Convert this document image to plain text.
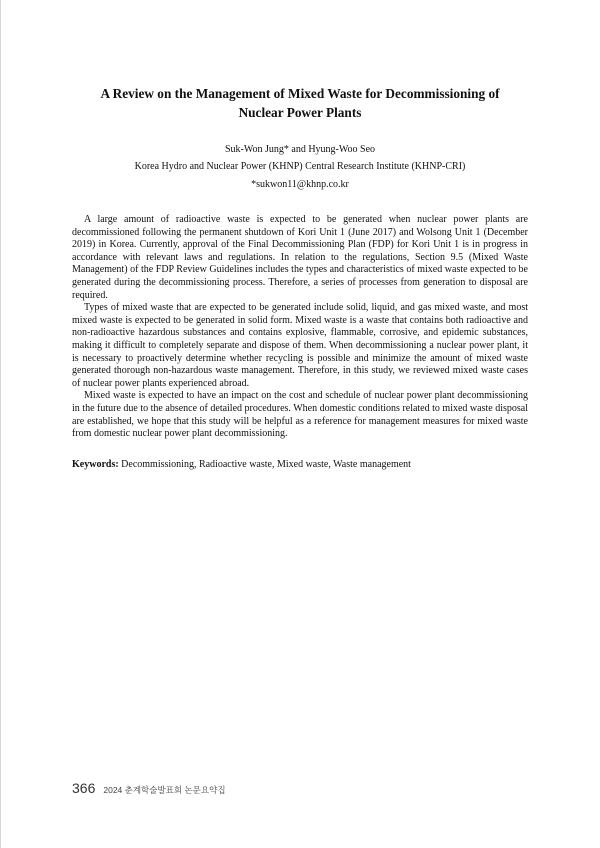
A Review on the Management of Mixed Waste for Decommissioning of Nuclear Power Plants
Suk-Won Jung* and Hyung-Woo Seo
Korea Hydro and Nuclear Power (KHNP) Central Research Institute (KHNP-CRI)
*sukwon11@khnp.co.kr

A large amount of radioactive waste is expected to be generated when nuclear power plants are decommissioned following the permanent shutdown of Kori Unit 1 (June 2017) and Wolsong Unit 1 (December 2019) in Korea. Currently, approval of the Final Decommissioning Plan (FDP) for Kori Unit 1 is in progress in accordance with relevant laws and regulations. In relation to the regulations, Section 9.5 (Mixed Waste Management) of the FDP Review Guidelines includes the types and characteristics of mixed waste expected to be generated during the decommissioning process. Therefore, a series of processes from generation to disposal are required.

Types of mixed waste that are expected to be generated include solid, liquid, and gas mixed waste, and most mixed waste is expected to be generated in solid form. Mixed waste is a waste that contains both radioactive and non-radioactive hazardous substances and contains explosive, flammable, corrosive, and epidemic substances, making it difficult to completely separate and dispose of them. When decommissioning a nuclear power plant, it is necessary to proactively determine whether recycling is possible and minimize the amount of mixed waste generated thorough non-hazardous waste management. Therefore, in this study, we reviewed mixed waste cases of nuclear power plants experienced abroad.

Mixed waste is expected to have an impact on the cost and schedule of nuclear power plant decommissioning in the future due to the absence of detailed procedures. When domestic conditions related to mixed waste disposal are established, we hope that this study will be helpful as a reference for management measures for mixed waste from domestic nuclear power plant decommissioning.

Keywords: Decommissioning, Radioactive waste, Mixed waste, Waste management
366 2024 춘계학술발표회 논문요약집
